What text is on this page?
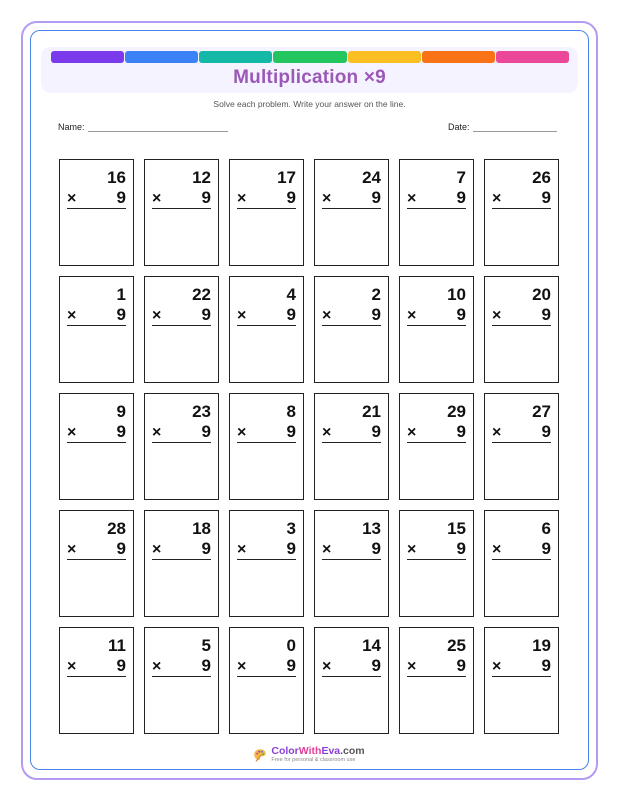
Multiplication ×9
Solve each problem. Write your answer on the line.
Name:	Date:
16
× 9
12
× 9
17
× 9
24
× 9
7
× 9
26
× 9
1
× 9
22
× 9
4
× 9
2
× 9
10
× 9
20
× 9
9
× 9
23
× 9
8
× 9
21
× 9
29
× 9
27
× 9
28
× 9
18
× 9
3
× 9
13
× 9
15
× 9
6
× 9
11
× 9
5
× 9
0
× 9
14
× 9
25
× 9
19
× 9
ColorWithEva.com
Free for personal & classroom use
